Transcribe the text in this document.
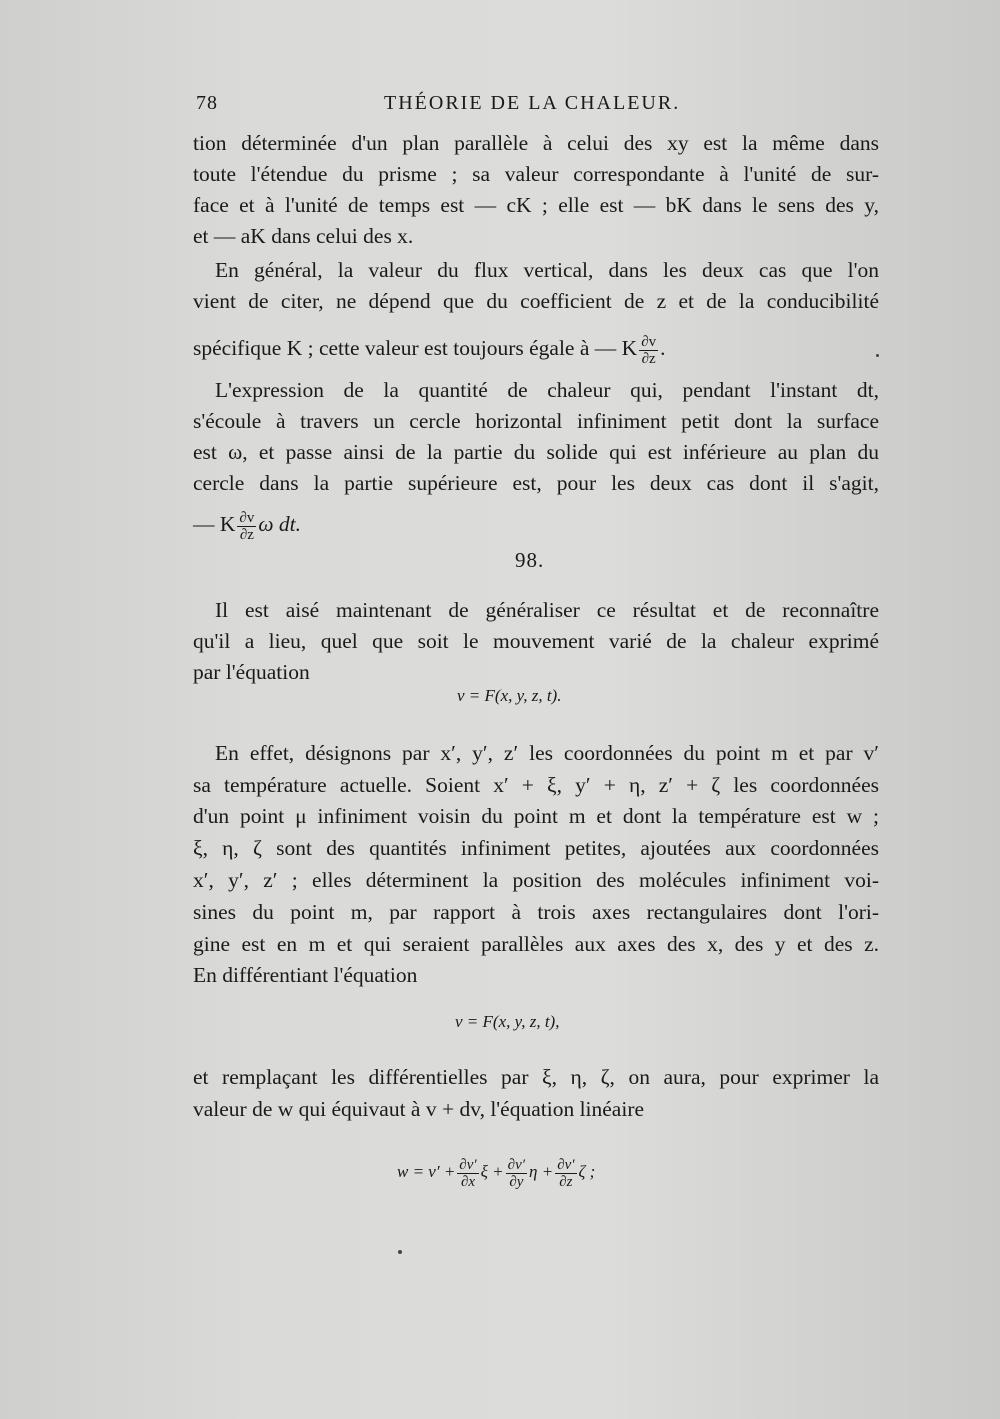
78	THÉORIE DE LA CHALEUR.
tion déterminée d'un plan parallèle à celui des xy est la même dans
toute l'étendue du prisme ; sa valeur correspondante à l'unité de sur-
face et à l'unité de temps est — cK ; elle est — bK dans le sens des y,
et — aK dans celui des x.
En général, la valeur du flux vertical, dans les deux cas que l'on
vient de citer, ne dépend que du coefficient de z et de la conducibilité
spécifique K ; cette valeur est toujours égale à — K $\frac{\partial v}{\partial z}$ .
L'expression de la quantité de chaleur qui, pendant l'instant dt,
s'écoule à travers un cercle horizontal infiniment petit dont la surface
est ω, et passe ainsi de la partie du solide qui est inférieure au plan du
cercle dans la partie supérieure est, pour les deux cas dont il s'agit,
— K $\frac{\partial v}{\partial z}$ ω dt.
98.
Il est aisé maintenant de généraliser ce résultat et de reconnaître
qu'il a lieu, quel que soit le mouvement varié de la chaleur exprimé
par l'équation
v = F(x, y, z, t).
En effet, désignons par x′, y′, z′ les coordonnées du point m et par v′
sa température actuelle. Soient x′ + ξ, y′ + η, z′ + ζ les coordonnées
d'un point μ infiniment voisin du point m et dont la température est w ;
ξ, η, ζ sont des quantités infiniment petites, ajoutées aux coordonnées
x′, y′, z′ ; elles déterminent la position des molécules infiniment voi-
sines du point m, par rapport à trois axes rectangulaires dont l'ori-
gine est en m et qui seraient parallèles aux axes des x, des y et des z.
En différentiant l'équation
v = F(x, y, z, t),
et remplaçant les différentielles par ξ, η, ζ, on aura, pour exprimer la
valeur de w qui équivaut à v + dv, l'équation linéaire
$w = v' + \frac{\partial v'}{\partial x}$ $\xi + \frac{\partial v'}{\partial y}$ $\eta + \frac{\partial v'}{\partial z}$ ζ ;
